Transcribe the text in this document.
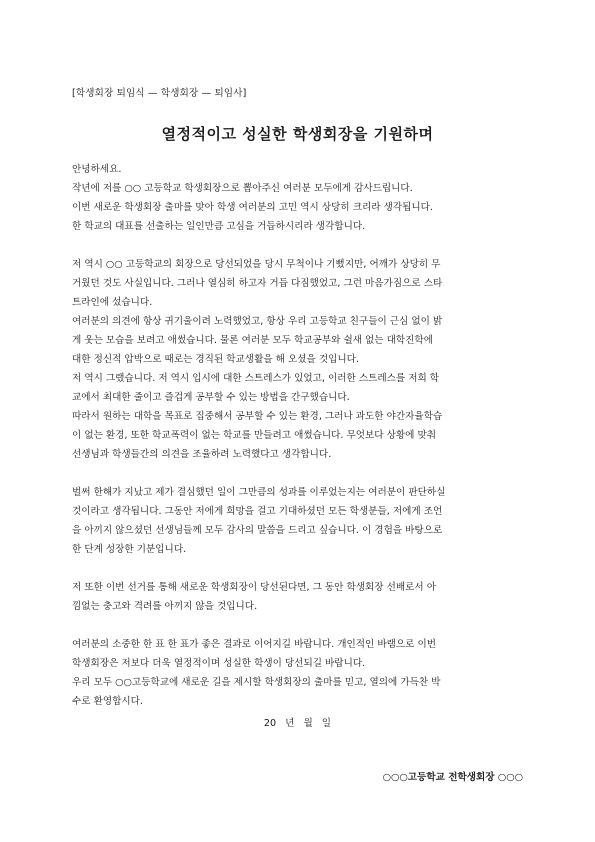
[학생회장 퇴임식 — 학생회장 — 퇴임사]
열정적이고 성실한 학생회장을 기원하며

안녕하세요.

작년에 저를 ○○ 고등학교 학생회장으로 뽑아주신 여러분 모두에게 감사드립니다.

이번 새로운 학생회장 출마를 맞아 학생 여러분의 고민 역시 상당히 크리라 생각됩니다.

한 학교의 대표를 선출하는 일인만큼 고심을 거듭하시리라 생각합니다.

저 역시 ○○ 고등학교의 회장으로 당선되었을 당시 무척이나 기뻤지만, 어깨가 상당히 무

거웠던 것도 사실입니다. 그러나 열심히 하고자 거듭 다짐했었고, 그런 마음가짐으로 스타

트라인에 섰습니다.

여러분의 의견에 항상 귀기울이려 노력했었고, 항상 우리 고등학교 친구들이 근심 없이 밝

게 웃는 모습을 보려고 애썼습니다. 물론 여러분 모두 학교공부와 쉴새 없는 대학진학에

대한 정신적 압박으로 때로는 경직된 학교생활을 해 오셨을 것입니다.

저 역시 그랬습니다. 저 역시 입시에 대한 스트레스가 있었고, 이러한 스트레스를 저희 학

교에서 최대한 줄이고 즐겁게 공부할 수 있는 방법을 간구했습니다.

따라서 원하는 대학을 목표로 집중해서 공부할 수 있는 환경, 그러나 과도한 야간자율학습

이 없는 환경, 또한 학교폭력이 없는 학교를 만들려고 애썼습니다. 무엇보다 상황에 맞춰

선생님과 학생들간의 의견을 조율하려 노력했다고 생각합니다.

벌써 한해가 지났고 제가 결심했던 일이 그만큼의 성과를 이루었는지는 여러분이 판단하실

것이라고 생각됩니다. 그동안 저에게 희망을 걸고 기대하셨던 모든 학생분들, 저에게 조언

을 아끼지 않으셨던 선생님들께 모두 감사의 말씀을 드리고 싶습니다. 이 경험을 바탕으로

한 단계 성장한 기분입니다.

저 또한 이번 선거를 통해 새로운 학생회장이 당선된다면, 그 동안 학생회장 선배로서 아

낌없는 충고와 격려를 아끼지 않을 것입니다.

여러분의 소중한 한 표 한 표가 좋은 결과로 이어지길 바랍니다. 개인적인 바램으로 이번

학생회장은 저보다 더욱 열정적이며 성실한 학생이 당선되길 바랍니다.

우리 모두 ○○고등학교에 새로운 길을 제시할 학생회장의 출마를 믿고, 열의에 가득찬 박

수로 환영합시다.

20 년 월 일
○○○고등학교 전학생회장 ○○○
